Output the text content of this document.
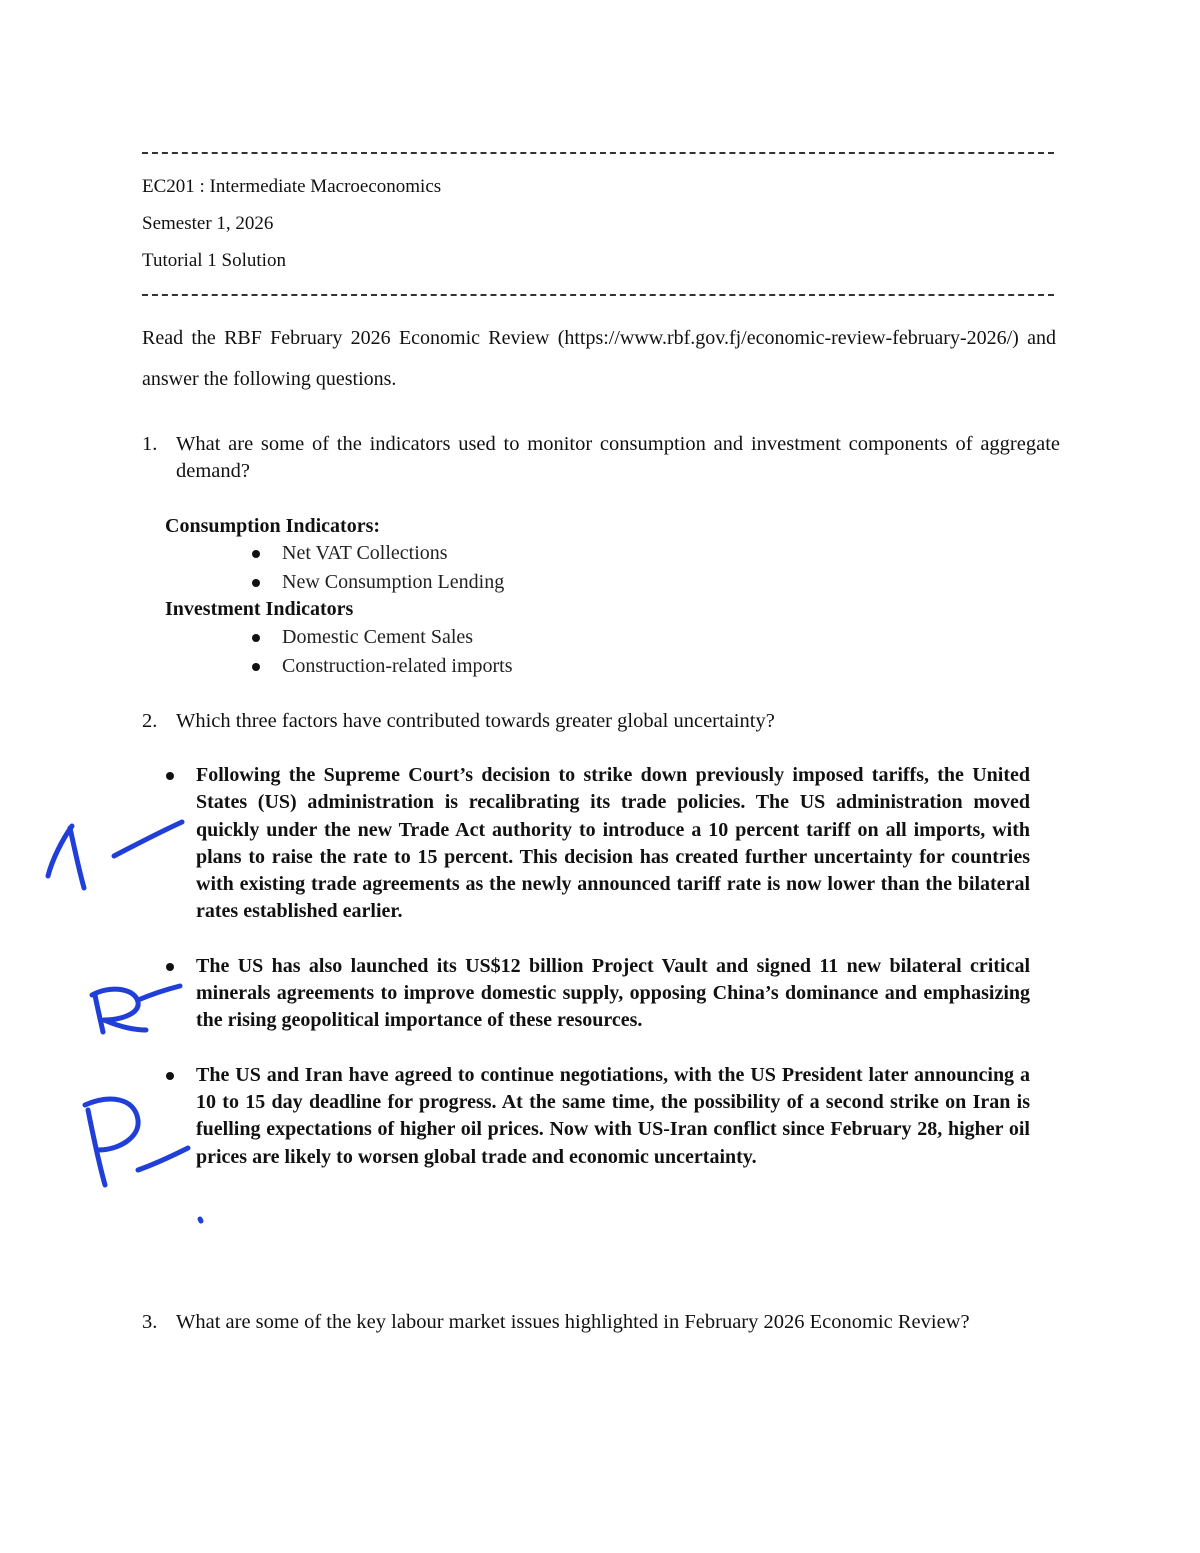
EC201 : Intermediate Macroeconomics
Semester 1, 2026
Tutorial 1 Solution

Read the RBF February 2026 Economic Review (https://www.rbf.gov.fj/economic-review-february-2026/) and answer the following questions.

1. What are some of the indicators used to monitor consumption and investment components of aggregate demand?
Consumption Indicators:
Net VAT Collections
New Consumption Lending
Investment Indicators
Domestic Cement Sales
Construction-related imports
2. Which three factors have contributed towards greater global uncertainty?
Following the Supreme Court’s decision to strike down previously imposed tariffs, the United States (US) administration is recalibrating its trade policies. The US administration moved quickly under the new Trade Act authority to introduce a 10 percent tariff on all imports, with plans to raise the rate to 15 percent. This decision has created further uncertainty for countries with existing trade agreements as the newly announced tariff rate is now lower than the bilateral rates established earlier.
The US has also launched its US$12 billion Project Vault and signed 11 new bilateral critical minerals agreements to improve domestic supply, opposing China’s dominance and emphasizing the rising geopolitical importance of these resources.
The US and Iran have agreed to continue negotiations, with the US President later announcing a 10 to 15 day deadline for progress. At the same time, the possibility of a second strike on Iran is fuelling expectations of higher oil prices. Now with US-Iran conflict since February 28, higher oil prices are likely to worsen global trade and economic uncertainty.
3. What are some of the key labour market issues highlighted in February 2026 Economic Review?
